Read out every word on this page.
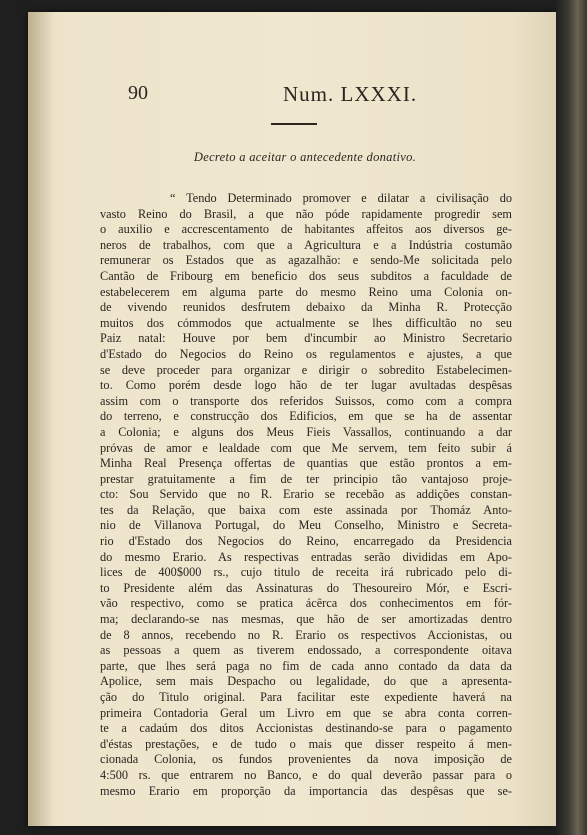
90	Num. LXXXI.
Decreto a aceitar o antecedente donativo.
“ Tendo Determinado promover e dilatar a civilisação do
vasto Reino do Brasil, a que não póde rapidamente progredir sem
o auxilio e accrescentamento de habitantes affeitos aos diversos ge-
neros de trabalhos, com que a Agricultura e a Indústria costumão
remunerar os Estados que as agazalhão: e sendo-Me solicitada pelo
Cantão de Fribourg em beneficio dos seus subditos a faculdade de
estabelecerem em alguma parte do mesmo Reino uma Colonia on-
de vivendo reunidos desfrutem debaixo da Minha R. Protecção
muitos dos cómmodos que actualmente se lhes difficultão no seu
Paiz natal: Houve por bem d'incumbir ao Ministro Secretario
d'Estado do Negocios do Reino os regulamentos e ajustes, a que
se deve proceder para organizar e dirigir o sobredito Estabelecimen-
to. Como porém desde logo hão de ter lugar avultadas despêsas
assim com o transporte dos referidos Suissos, como com a compra
do terreno, e construcção dos Edificios, em que se ha de assentar
a Colonia; e alguns dos Meus Fieis Vassallos, continuando a dar
próvas de amor e lealdade com que Me servem, tem feito subir á
Minha Real Presença offertas de quantias que estão prontos a em-
prestar gratuitamente a fim de ter principio tão vantajoso proje-
cto: Sou Servido que no R. Erario se recebão as addições constan-
tes da Relação, que baixa com este assinada por Thomáz Anto-
nio de Villanova Portugal, do Meu Conselho, Ministro e Secreta-
rio d'Estado dos Negocios do Reino, encarregado da Presidencia
do mesmo Erario. As respectivas entradas serão divididas em Apo-
lices de 400$000 rs., cujo titulo de receita irá rubricado pelo di-
to Presidente além das Assinaturas do Thesoureiro Mór, e Escri-
vão respectivo, como se pratica ácêrca dos conhecimentos em fór-
ma; declarando-se nas mesmas, que hão de ser amortizadas dentro
de 8 annos, recebendo no R. Erario os respectivos Accionistas, ou
as pessoas a quem as tiverem endossado, a correspondente oitava
parte, que lhes será paga no fim de cada anno contado da data da
Apolice, sem mais Despacho ou legalidade, do que a apresenta-
ção do Titulo original. Para facilitar este expediente haverá na
primeira Contadoria Geral um Livro em que se abra conta corren-
te a cadaúm dos ditos Accionistas destinando-se para o pagamento
d'éstas prestações, e de tudo o mais que disser respeito á men-
cionada Colonia, os fundos provenientes da nova imposição de
4:500 rs. que entrarem no Banco, e do qual deverão passar para o
mesmo Erario em proporção da importancia das despêsas que se-
